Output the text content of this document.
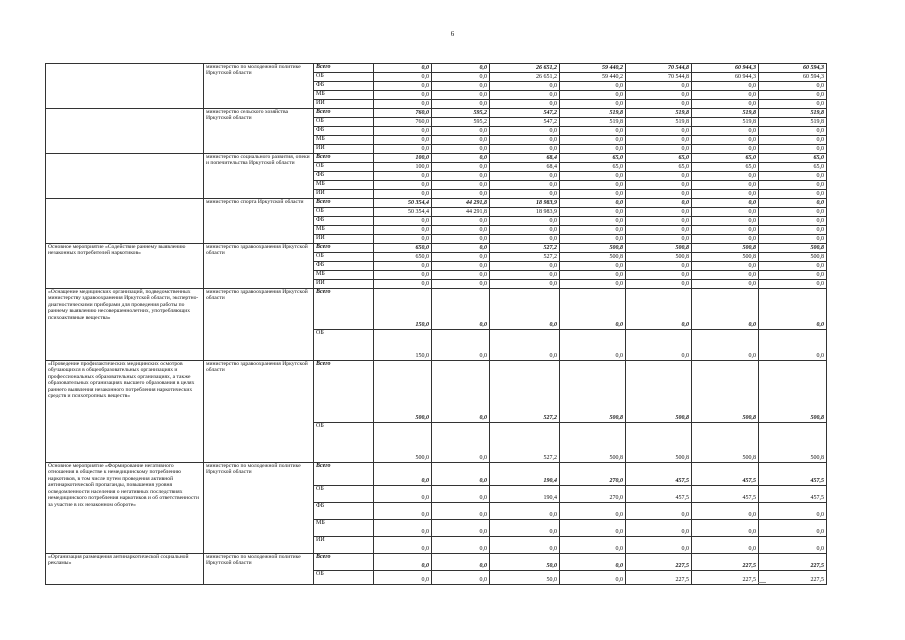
6
	министерство по молодежной политике Иркутской области	Всего	0,0	0,0	26 651,2	59 440,2	70 544,8	60 944,3	60 594,3
		ОБ	0,0	0,0	26 651,2	59 440,2	70 544,8	60 944,3	60 594,3
		ФБ	0,0	0,0	0,0	0,0	0,0	0,0	0,0
		МБ	0,0	0,0	0,0	0,0	0,0	0,0	0,0
		ИИ	0,0	0,0	0,0	0,0	0,0	0,0	0,0
	министерство сельского хозяйства Иркутской области	Всего	760,0	595,2	547,2	519,8	519,8	519,8	519,8
		ОБ	760,0	595,2	547,2	519,8	519,8	519,8	519,8
		ФБ	0,0	0,0	0,0	0,0	0,0	0,0	0,0
		МБ	0,0	0,0	0,0	0,0	0,0	0,0	0,0
		ИИ	0,0	0,0	0,0	0,0	0,0	0,0	0,0
	министерство социального развития, опеки и попечительства Иркутской области	Всего	100,0	0,0	68,4	65,0	65,0	65,0	65,0
		ОБ	100,0	0,0	68,4	65,0	65,0	65,0	65,0
		ФБ	0,0	0,0	0,0	0,0	0,0	0,0	0,0
		МБ	0,0	0,0	0,0	0,0	0,0	0,0	0,0
		ИИ	0,0	0,0	0,0	0,0	0,0	0,0	0,0
	министерство спорта Иркутской области	Всего	50 354,4	44 291,8	18 983,9	0,0	0,0	0,0	0,0
		ОБ	50 354,4	44 291,8	18 983,9	0,0	0,0	0,0	0,0
		ФБ	0,0	0,0	0,0	0,0	0,0	0,0	0,0
		МБ	0,0	0,0	0,0	0,0	0,0	0,0	0,0
		ИИ	0,0	0,0	0,0	0,0	0,0	0,0	0,0
Основное мероприятие «Содействие раннему выявлению незаконных потребителей наркотиков»	министерство здравоохранения Иркутской области	Всего	650,0	0,0	527,2	500,8	500,8	500,8	500,8
		ОБ	650,0	0,0	527,2	500,8	500,8	500,8	500,8
		ФБ	0,0	0,0	0,0	0,0	0,0	0,0	0,0
		МБ	0,0	0,0	0,0	0,0	0,0	0,0	0,0
		ИИ	0,0	0,0	0,0	0,0	0,0	0,0	0,0
«Оснащение медицинских организаций, подведомственных министерству здравоохранения Иркутской области, экспертно-диагностическими приборами для проведения работы по раннему выявлению несовершеннолетних, употребляющих психоактивные вещества»	министерство здравоохранения Иркутской области	Всего	150,0	0,0	0,0	0,0	0,0	0,0	0,0
		ОБ	150,0	0,0	0,0	0,0	0,0	0,0	0,0
«Проведение профилактических медицинских осмотров обучающихся в общеобразовательных организациях и профессиональных образовательных организациях, а также образовательных организациях высшего образования в целях раннего выявления незаконного потребления наркотических средств и психотропных веществ»	министерство здравоохранения Иркутской области	Всего	500,0	0,0	527,2	500,8	500,8	500,8	500,8
		ОБ	500,0	0,0	527,2	500,8	500,8	500,8	500,8
Основное мероприятие «Формирование негативного отношения в обществе к немедицинскому потреблению наркотиков, в том числе путем проведения активной антинаркотической пропаганды, повышения уровня осведомленности населения о негативных последствиях немедицинского потребления наркотиков и об ответственности за участие в их незаконном обороте»	министерство по молодежной политике Иркутской области	Всего	0,0	0,0	190,4	270,0	457,5	457,5	457,5
		ОБ	0,0	0,0	190,4	270,0	457,5	457,5	457,5
		ФБ	0,0	0,0	0,0	0,0	0,0	0,0	0,0
		МБ	0,0	0,0	0,0	0,0	0,0	0,0	0,0
		ИИ	0,0	0,0	0,0	0,0	0,0	0,0	0,0
«Организация размещения антинаркотической социальной рекламы»	министерство по молодежной политике Иркутской области	Всего	0,0	0,0	50,0	0,0	227,5	227,5	227,5
		ОБ	0,0	0,0	50,0	0,0	227,5	227,5	227,5
